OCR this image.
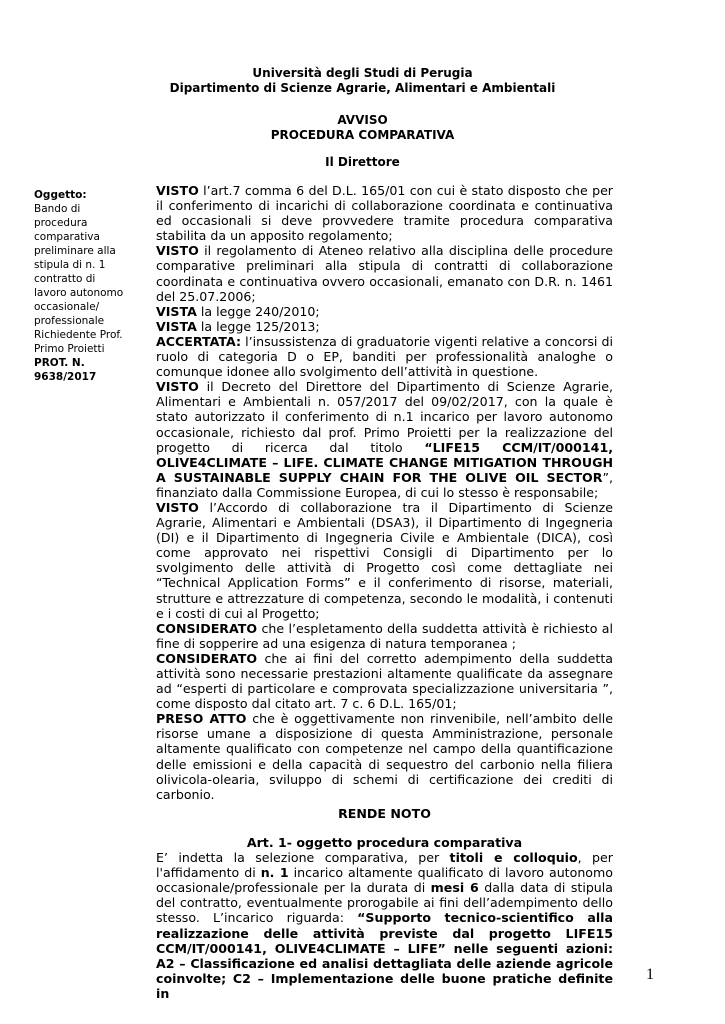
Università degli Studi di Perugia
Dipartimento di Scienze Agrarie, Alimentari e Ambientali
AVVISO
PROCEDURA COMPARATIVA
Il Direttore
Oggetto:
Bando di procedura comparativa preliminare alla stipula di n. 1 contratto di lavoro autonomo occasionale/ professionale Richiedente Prof. Primo Proietti
PROT. N.
9638/2017

VISTO l’art.7 comma 6 del D.L. 165/01 con cui è stato disposto che per il conferimento di incarichi di collaborazione coordinata e continuativa ed occasionali si deve provvedere tramite procedura comparativa stabilita da un apposito regolamento;

VISTO il regolamento di Ateneo relativo alla disciplina delle procedure comparative preliminari alla stipula di contratti di collaborazione coordinata e continuativa ovvero occasionali, emanato con D.R. n. 1461 del 25.07.2006;

VISTA la legge 240/2010;

VISTA la legge 125/2013;

ACCERTATA: l’insussistenza di graduatorie vigenti relative a concorsi di ruolo di categoria D o EP, banditi per professionalità analoghe o comunque idonee allo svolgimento dell’attività in questione.

VISTO il Decreto del Direttore del Dipartimento di Scienze Agrarie, Alimentari e Ambientali n. 057/2017 del 09/02/2017, con la quale è stato autorizzato il conferimento di n.1 incarico per lavoro autonomo occasionale, richiesto dal prof. Primo Proietti per la realizzazione del progetto di ricerca dal titolo “LIFE15 CCM/IT/000141, OLIVE4CLIMATE – LIFE. CLIMATE CHANGE MITIGATION THROUGH A SUSTAINABLE SUPPLY CHAIN FOR THE OLIVE OIL SECTOR”, finanziato dalla Commissione Europea, di cui lo stesso è responsabile;

VISTO l’Accordo di collaborazione tra il Dipartimento di Scienze Agrarie, Alimentari e Ambientali (DSA3), il Dipartimento di Ingegneria (DI) e il Dipartimento di Ingegneria Civile e Ambientale (DICA), così come approvato nei rispettivi Consigli di Dipartimento per lo svolgimento delle attività di Progetto così come dettagliate nei “Technical Application Forms” e il conferimento di risorse, materiali, strutture e attrezzature di competenza, secondo le modalità, i contenuti e i costi di cui al Progetto;

CONSIDERATO che l’espletamento della suddetta attività è richiesto al fine di sopperire ad una esigenza di natura temporanea ;

CONSIDERATO che ai fini del corretto adempimento della suddetta attività sono necessarie prestazioni altamente qualificate da assegnare ad “esperti di particolare e comprovata specializzazione universitaria ”, come disposto dal citato art. 7 c. 6 D.L. 165/01;

PRESO ATTO che è oggettivamente non rinvenibile, nell’ambito delle risorse umane a disposizione di questa Amministrazione, personale altamente qualificato con competenze nel campo della quantificazione delle emissioni e della capacità di sequestro del carbonio nella filiera olivicola-olearia, sviluppo di schemi di certificazione dei crediti di carbonio.

RENDE NOTO

Art. 1- oggetto procedura comparativa

E’ indetta la selezione comparativa, per titoli e colloquio, per l'affidamento di n. 1 incarico altamente qualificato di lavoro autonomo occasionale/professionale per la durata di mesi 6 dalla data di stipula del contratto, eventualmente prorogabile ai fini dell’adempimento dello stesso. L’incarico riguarda: “Supporto tecnico-scientifico alla realizzazione delle attività previste dal progetto LIFE15 CCM/IT/000141, OLIVE4CLIMATE – LIFE” nelle seguenti azioni: A2 – Classificazione ed analisi dettagliata delle aziende agricole coinvolte; C2 – Implementazione delle buone pratiche definite in

1
